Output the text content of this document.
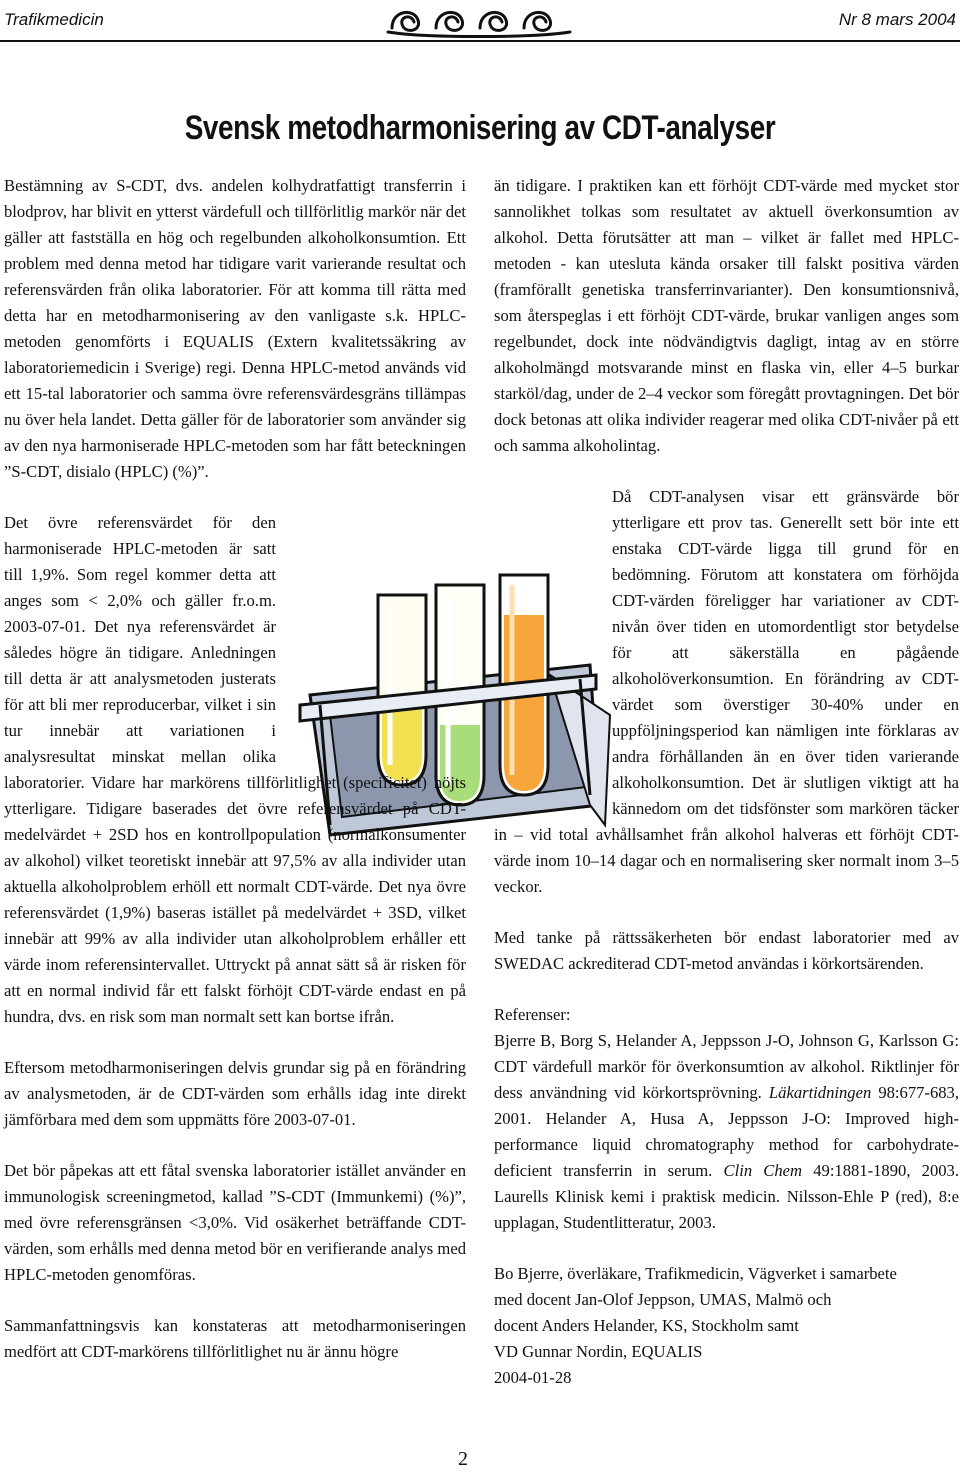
Trafikmedicin	Nr 8 mars 2004
Svensk metodharmonisering av CDT-analyser

Bestämning av S-CDT, dvs. andelen kolhydratfattigt transferrin i blodprov, har blivit en ytterst värdefull och tillförlitlig markör när det gäller att fastställa en hög och regelbunden alkoholkonsumtion. Ett problem med denna metod har tidigare varit varierande resultat och referensvärden från olika laboratorier. För att komma till rätta med detta har en metodharmonisering av den vanligaste s.k. HPLC-metoden genomförts i EQUALIS (Extern kvalitetssäkring av laboratoriemedicin i Sverige) regi. Denna HPLC-metod används vid ett 15-tal laboratorier och samma övre referensvärdesgräns tillämpas nu över hela landet. Detta gäller för de laboratorier som använder sig av den nya harmoniserade HPLC-metoden som har fått beteckningen ”S-CDT, disialo (HPLC) (%)”.

Det övre referensvärdet för den harmoniserade HPLC-metoden är satt till 1,9%. Som regel kommer detta att anges som < 2,0% och gäller fr.o.m. 2003-07-01. Det nya referensvärdet är således högre än tidigare. Anledningen till detta är att analysmetoden justerats för att bli mer reproducerbar, vilket i sin tur innebär att variationen i analysresultat minskat mellan olika laboratorier. Vidare har markörens tillförlitlighet (specificitet) höjts ytterligare. Tidigare baserades det övre referensvärdet på CDT-medelvärdet + 2SD hos en kontrollpopulation (normalkonsumenter av alkohol) vilket teoretiskt innebär att 97,5% av alla individer utan aktuella alkoholproblem erhöll ett normalt CDT-värde. Det nya övre referensvärdet (1,9%) baseras istället på medelvärdet + 3SD, vilket innebär att 99% av alla individer utan alkoholproblem erhåller ett värde inom referensintervallet. Uttryckt på annat sätt så är risken för att en normal individ får ett falskt förhöjt CDT-värde endast en på hundra, dvs. en risk som man normalt sett kan bortse ifrån.

Eftersom metodharmoniseringen delvis grundar sig på en förändring av analysmetoden, är de CDT-värden som erhålls idag inte direkt jämförbara med dem som uppmätts före 2003-07-01.

Det bör påpekas att ett fåtal svenska laboratorier istället använder en immunologisk screeningmetod, kallad ”S-CDT (Immunkemi) (%)”, med övre referensgränsen <3,0%. Vid osäkerhet beträffande CDT-värden, som erhålls med denna metod bör en verifierande analys med HPLC-metoden genomföras.

Sammanfattningsvis kan konstateras att metodharmoniseringen medfört att CDT-markörens tillförlitlighet nu är ännu högre

än tidigare. I praktiken kan ett förhöjt CDT-värde med mycket stor sannolikhet tolkas som resultatet av aktuell överkonsumtion av alkohol. Detta förutsätter att man – vilket är fallet med HPLC-metoden - kan utesluta kända orsaker till falskt positiva värden (framförallt genetiska transferrinvarianter). Den konsumtionsnivå, som återspeglas i ett förhöjt CDT-värde, brukar vanligen anges som regelbundet, dock inte nödvändigtvis dagligt, intag av en större alkoholmängd motsvarande minst en flaska vin, eller 4–5 burkar starköl/dag, under de 2–4 veckor som föregått provtagningen. Det bör dock betonas att olika individer reagerar med olika CDT-nivåer på ett och samma alkoholintag.

Då CDT-analysen visar ett gränsvärde bör ytterligare ett prov tas. Generellt sett bör inte ett enstaka CDT-värde ligga till grund för en bedömning. Förutom att konstatera om förhöjda CDT-värden föreligger har variationer av CDT-nivån över tiden en utomordentligt stor betydelse för att säkerställa en pågående alkoholöverkonsumtion. En förändring av CDT-värdet som överstiger 30-40% under en uppföljningsperiod kan nämligen inte förklaras av andra förhållanden än en över tiden varierande alkoholkonsumtion. Det är slutligen viktigt att ha kännedom om det tidsfönster som markören täcker in – vid total avhållsamhet från alkohol halveras ett förhöjt CDT-värde inom 10–14 dagar och en normalisering sker normalt inom 3–5 veckor.

Med tanke på rättssäkerheten bör endast laboratorier med av SWEDAC ackrediterad CDT-metod användas i körkortsärenden.

Referenser:

Bjerre B, Borg S, Helander A, Jeppsson J-O, Johnson G, Karlsson G: CDT värdefull markör för överkonsumtion av alkohol. Riktlinjer för dess användning vid körkortsprövning. Läkartidningen 98:677-683, 2001. Helander A, Husa A, Jeppsson J-O: Improved high-performance liquid chromatography method for carbohydrate-deficient transferrin in serum. Clin Chem 49:1881-1890, 2003. Laurells Klinisk kemi i praktisk medicin. Nilsson-Ehle P (red), 8:e upplagan, Studentlitteratur, 2003.

Bo Bjerre, överläkare, Trafikmedicin, Vägverket i samarbete

med docent Jan-Olof Jeppson, UMAS, Malmö och

docent Anders Helander, KS, Stockholm samt

VD Gunnar Nordin, EQUALIS

2004-01-28

2
